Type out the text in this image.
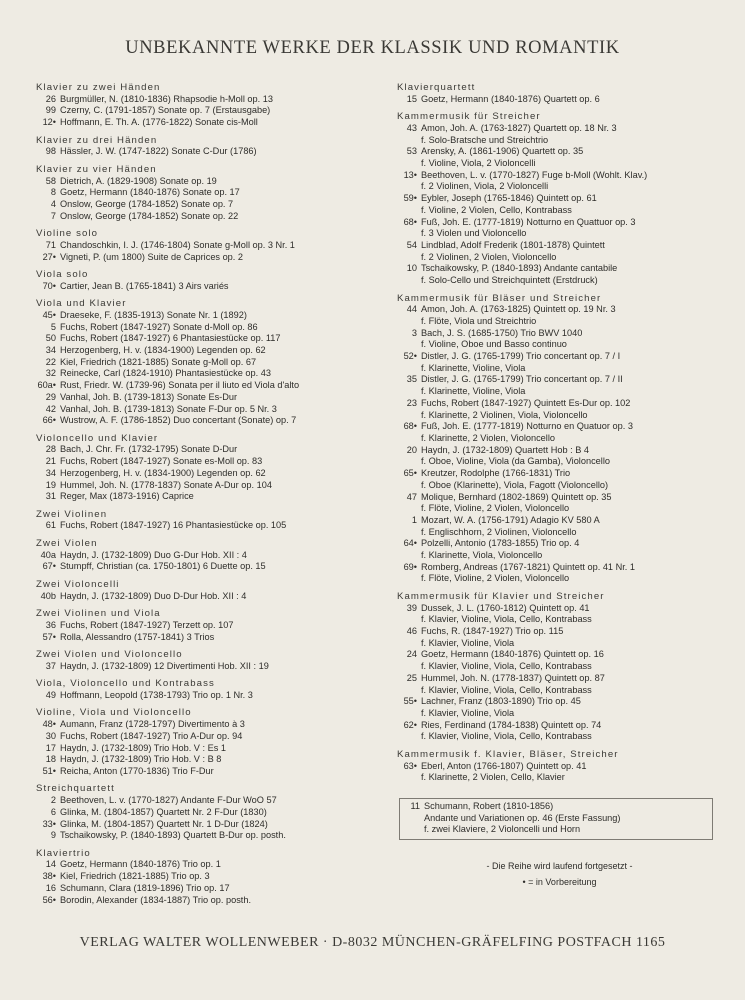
UNBEKANNTE WERKE DER KLASSIK UND ROMANTIK
Klavier zu zwei Händen
26 Burgmüller, N. (1810-1836) Rhapsodie h-Moll op. 13
99 Czerny, C. (1791-1857) Sonate op. 7 (Erstausgabe)
12• Hoffmann, E. Th. A. (1776-1822) Sonate cis-Moll
Klavier zu drei Händen
98 Hässler, J. W. (1747-1822) Sonate C-Dur (1786)
Klavier zu vier Händen
58 Dietrich, A. (1829-1908) Sonate op. 19
8 Goetz, Hermann (1840-1876) Sonate op. 17
4 Onslow, George (1784-1852) Sonate op. 7
7 Onslow, George (1784-1852) Sonate op. 22
Violine solo
71 Chandoschkin, I. J. (1746-1804) Sonate g-Moll op. 3 Nr. 1
27• Vigneti, P. (um 1800) Suite de Caprices op. 2
Viola solo
70• Cartier, Jean B. (1765-1841) 3 Airs variés
Viola und Klavier
45• Draeseke, F. (1835-1913) Sonate Nr. 1 (1892)
5 Fuchs, Robert (1847-1927) Sonate d-Moll op. 86
50 Fuchs, Robert (1847-1927) 6 Phantasiestücke op. 117
34 Herzogenberg, H. v. (1834-1900) Legenden op. 62
22 Kiel, Friedrich (1821-1885) Sonate g-Moll op. 67
32 Reinecke, Carl (1824-1910) Phantasiestücke op. 43
60a• Rust, Friedr. W. (1739-96) Sonata per il liuto ed Viola d'alto
29 Vanhal, Joh. B. (1739-1813) Sonate Es-Dur
42 Vanhal, Joh. B. (1739-1813) Sonate F-Dur op. 5 Nr. 3
66• Wustrow, A. F. (1786-1852) Duo concertant (Sonate) op. 7
Violoncello und Klavier
28 Bach, J. Chr. Fr. (1732-1795) Sonate D-Dur
21 Fuchs, Robert (1847-1927) Sonate es-Moll op. 83
34 Herzogenberg, H. v. (1834-1900) Legenden op. 62
19 Hummel, Joh. N. (1778-1837) Sonate A-Dur op. 104
31 Reger, Max (1873-1916) Caprice
Zwei Violinen
61 Fuchs, Robert (1847-1927) 16 Phantasiestücke op. 105
Zwei Violen
40a Haydn, J. (1732-1809) Duo G-Dur Hob. XII : 4
67• Stumpff, Christian (ca. 1750-1801) 6 Duette op. 15
Zwei Violoncelli
40b Haydn, J. (1732-1809) Duo D-Dur Hob. XII : 4
Zwei Violinen und Viola
36 Fuchs, Robert (1847-1927) Terzett op. 107
57• Rolla, Alessandro (1757-1841) 3 Trios
Zwei Violen und Violoncello
37 Haydn, J. (1732-1809) 12 Divertimenti Hob. XII : 19
Viola, Violoncello und Kontrabass
49 Hoffmann, Leopold (1738-1793) Trio op. 1 Nr. 3
Violine, Viola und Violoncello
48• Aumann, Franz (1728-1797) Divertimento à 3
30 Fuchs, Robert (1847-1927) Trio A-Dur op. 94
17 Haydn, J. (1732-1809) Trio Hob. V : Es 1
18 Haydn, J. (1732-1809) Trio Hob. V : B 8
51• Reicha, Anton (1770-1836) Trio F-Dur
Streichquartett
2 Beethoven, L. v. (1770-1827) Andante F-Dur WoO 57
6 Glinka, M. (1804-1857) Quartett Nr. 2 F-Dur (1830)
33• Glinka, M. (1804-1857) Quartett Nr. 1 D-Dur (1824)
9 Tschaikowsky, P. (1840-1893) Quartett B-Dur op. posth.
Klaviertrio
14 Goetz, Hermann (1840-1876) Trio op. 1
38• Kiel, Friedrich (1821-1885) Trio op. 3
16 Schumann, Clara (1819-1896) Trio op. 17
56• Borodin, Alexander (1834-1887) Trio op. posth.
Klavierquartett
15 Goetz, Hermann (1840-1876) Quartett op. 6
Kammermusik für Streicher
43 Amon, Joh. A. (1763-1827) Quartett op. 18 Nr. 3
f. Solo-Bratsche und Streichtrio
53 Arensky, A. (1861-1906) Quartett op. 35
f. Violine, Viola, 2 Violoncelli
13• Beethoven, L. v. (1770-1827) Fuge b-Moll (Wohlt. Klav.)
f. 2 Violinen, Viola, 2 Violoncelli
59• Eybler, Joseph (1765-1846) Quintett op. 61
f. Violine, 2 Violen, Cello, Kontrabass
68• Fuß, Joh. E. (1777-1819) Notturno en Quattuor op. 3
f. 3 Violen und Violoncello
54 Lindblad, Adolf Frederik (1801-1878) Quintett
f. 2 Violinen, 2 Violen, Violoncello
10 Tschaikowsky, P. (1840-1893) Andante cantabile
f. Solo-Cello und Streichquintett (Erstdruck)
Kammermusik für Bläser und Streicher
44 Amon, Joh. A. (1763-1825) Quintett op. 19 Nr. 3
f. Flöte, Viola und Streichtrio
3 Bach, J. S. (1685-1750) Trio BWV 1040
f. Violine, Oboe und Basso continuo
52• Distler, J. G. (1765-1799) Trio concertant op. 7 / I
f. Klarinette, Violine, Viola
35 Distler, J. G. (1765-1799) Trio concertant op. 7 / II
f. Klarinette, Violine, Viola
23 Fuchs, Robert (1847-1927) Quintett Es-Dur op. 102
f. Klarinette, 2 Violinen, Viola, Violoncello
68• Fuß, Joh. E. (1777-1819) Notturno en Quatuor op. 3
f. Klarinette, 2 Violen, Violoncello
20 Haydn, J. (1732-1809) Quartett Hob : B 4
f. Oboe, Violine, Viola (da Gamba), Violoncello
65• Kreutzer, Rodolphe (1766-1831) Trio
f. Oboe (Klarinette), Viola, Fagott (Violoncello)
47 Molique, Bernhard (1802-1869) Quintett op. 35
f. Flöte, Violine, 2 Violen, Violoncello
1 Mozart, W. A. (1756-1791) Adagio KV 580 A
f. Englischhorn, 2 Violinen, Violoncello
64• Polzelli, Antonio (1783-1855) Trio op. 4
f. Klarinette, Viola, Violoncello
69• Romberg, Andreas (1767-1821) Quintett op. 41 Nr. 1
f. Flöte, Violine, 2 Violen, Violoncello
Kammermusik für Klavier und Streicher
39 Dussek, J. L. (1760-1812) Quintett op. 41
f. Klavier, Violine, Viola, Cello, Kontrabass
46 Fuchs, R. (1847-1927) Trio op. 115
f. Klavier, Violine, Viola
24 Goetz, Hermann (1840-1876) Quintett op. 16
f. Klavier, Violine, Viola, Cello, Kontrabass
25 Hummel, Joh. N. (1778-1837) Quintett op. 87
f. Klavier, Violine, Viola, Cello, Kontrabass
55• Lachner, Franz (1803-1890) Trio op. 45
f. Klavier, Violine, Viola
62• Ries, Ferdinand (1784-1838) Quintett op. 74
f. Klavier, Violine, Viola, Cello, Kontrabass
Kammermusik f. Klavier, Bläser, Streicher
63• Eberl, Anton (1766-1807) Quintett op. 41
f. Klarinette, 2 Violen, Cello, Klavier
11 Schumann, Robert (1810-1856)
Andante und Variationen op. 46 (Erste Fassung)
f. zwei Klaviere, 2 Violoncelli und Horn
- Die Reihe wird laufend fortgesetzt -
• = in Vorbereitung
VERLAG WALTER WOLLENWEBER · D-8032 MÜNCHEN-GRÄFELFING POSTFACH 1165
